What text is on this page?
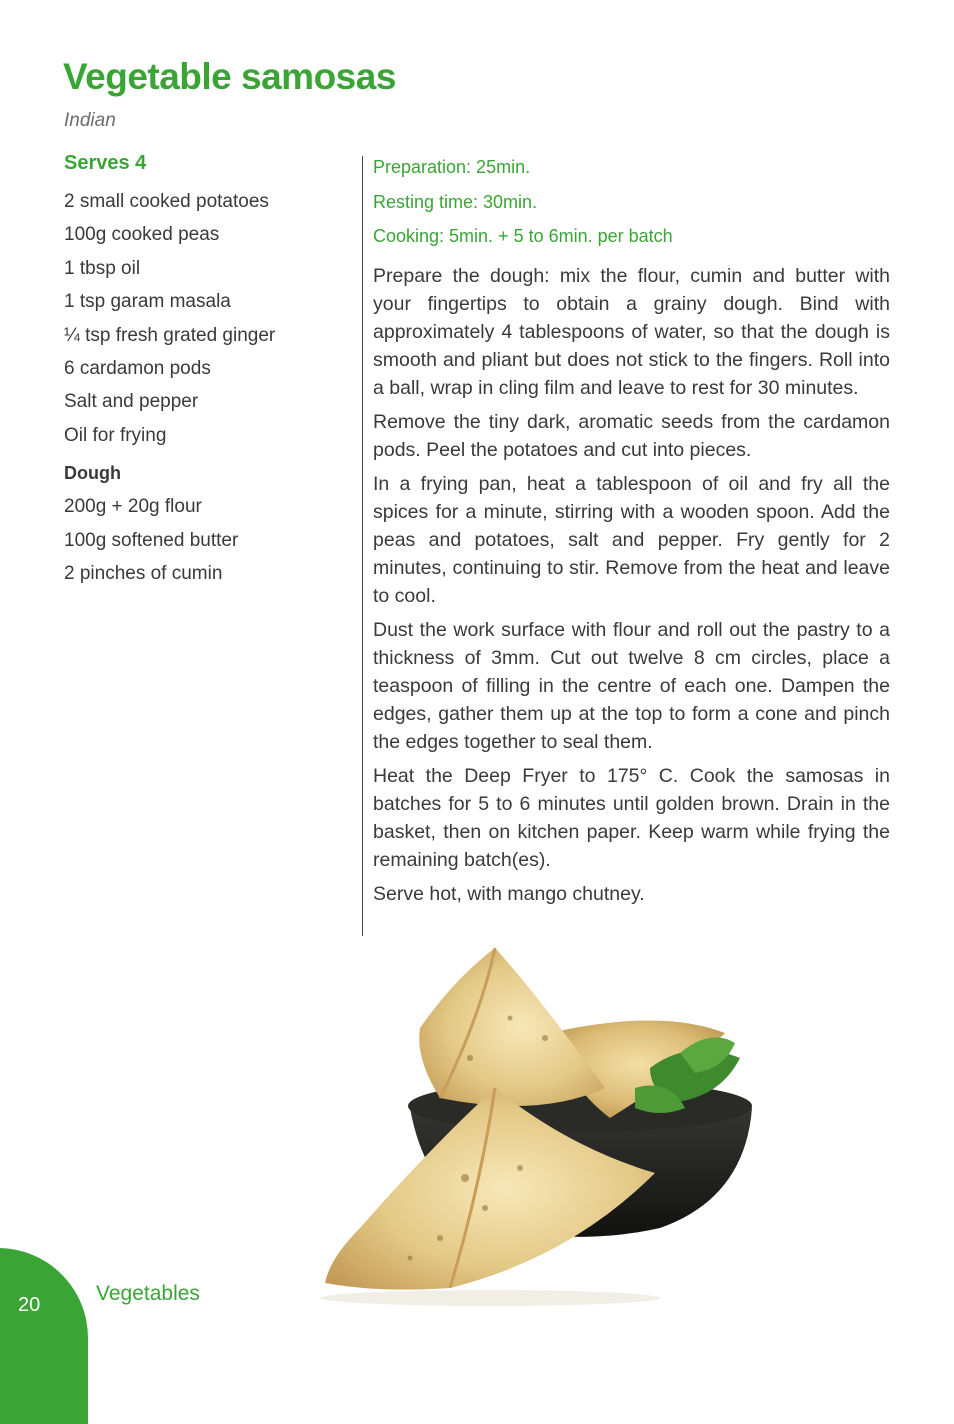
Vegetable samosas
Indian
Serves 4
2 small cooked potatoes
100g cooked peas
1 tbsp oil
1 tsp garam masala
¼ tsp fresh grated ginger
6 cardamon pods
Salt and pepper
Oil for frying
Dough
200g + 20g flour
100g softened butter
2 pinches of cumin
Preparation: 25min.
Resting time: 30min.
Cooking: 5min. + 5 to 6min. per batch

Prepare the dough: mix the flour, cumin and butter with your fingertips to obtain a grainy dough. Bind with approximately 4 tablespoons of water, so that the dough is smooth and pliant but does not stick to the fingers. Roll into a ball, wrap in cling film and leave to rest for 30 minutes.

Remove the tiny dark, aromatic seeds from the cardamon pods. Peel the potatoes and cut into pieces.

In a frying pan, heat a tablespoon of oil and fry all the spices for a minute, stirring with a wooden spoon. Add the peas and potatoes, salt and pepper. Fry gently for 2 minutes, continuing to stir. Remove from the heat and leave to cool.

Dust the work surface with flour and roll out the pastry to a thickness of 3mm. Cut out twelve 8 cm circles, place a teaspoon of filling in the centre of each one. Dampen the edges, gather them up at the top to form a cone and pinch the edges together to seal them.

Heat the Deep Fryer to 175° C. Cook the samosas in batches for 5 to 6 minutes until golden brown. Drain in the basket, then on kitchen paper. Keep warm while frying the remaining batch(es).

Serve hot, with mango chutney.

20	Vegetables
